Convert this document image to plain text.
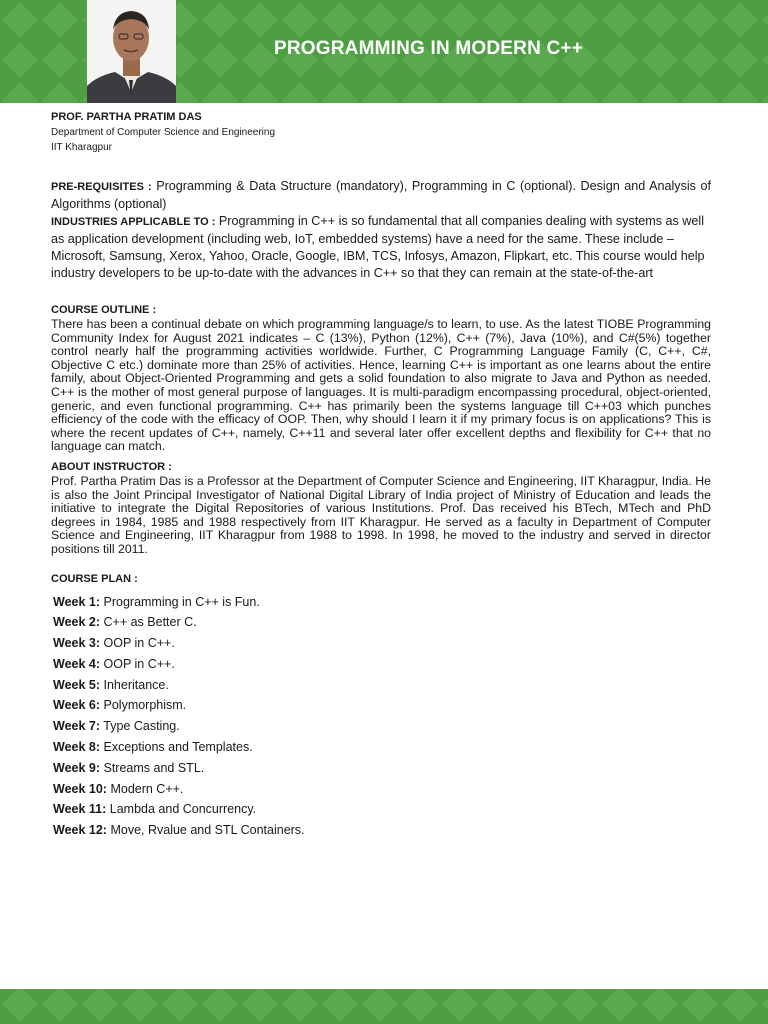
PROGRAMMING IN MODERN C++

PROF. PARTHA PRATIM DAS

Department of Computer Science and Engineering

IIT Kharagpur

PRE-REQUISITES : Programming & Data Structure (mandatory), Programming in C (optional). Design and Analysis of Algorithms (optional)

INDUSTRIES APPLICABLE TO : Programming in C++ is so fundamental that all companies dealing with systems as well as application development (including web, IoT, embedded systems) have a need for the same. These include –Microsoft, Samsung, Xerox, Yahoo, Oracle, Google, IBM, TCS, Infosys, Amazon, Flipkart, etc. This course would help industry developers to be up-to-date with the advances in C++ so that they can remain at the state-of-the-art

COURSE OUTLINE :

There has been a continual debate on which programming language/s to learn, to use. As the latest TIOBE Programming Community Index for August 2021 indicates – C (13%), Python (12%), C++ (7%), Java (10%), and C#(5%) together control nearly half the programming activities worldwide. Further, C Programming Language Family (C, C++, C#, Objective C etc.) dominate more than 25% of activities. Hence, learning C++ is important as one learns about the entire family, about Object-Oriented Programming and gets a solid foundation to also migrate to Java and Python as needed. C++ is the mother of most general purpose of languages. It is multi-paradigm encompassing procedural, object-oriented, generic, and even functional programming. C++ has primarily been the systems language till C++03 which punches efficiency of the code with the efficacy of OOP. Then, why should I learn it if my primary focus is on applications? This is where the recent updates of C++, namely, C++11 and several later offer excellent depths and flexibility for C++ that no language can match.

ABOUT INSTRUCTOR :

Prof. Partha Pratim Das is a Professor at the Department of Computer Science and Engineering, IIT Kharagpur, India. He is also the Joint Principal Investigator of National Digital Library of India project of Ministry of Education and leads the initiative to integrate the Digital Repositories of various Institutions. Prof. Das received his BTech, MTech and PhD degrees in 1984, 1985 and 1988 respectively from IIT Kharagpur. He served as a faculty in Department of Computer Science and Engineering, IIT Kharagpur from 1988 to 1998. In 1998, he moved to the industry and served in director positions till 2011.

COURSE PLAN :

Week 1: Programming in C++ is Fun.

Week 2: C++ as Better C.

Week 3: OOP in C++.

Week 4: OOP in C++.

Week 5: Inheritance.

Week 6: Polymorphism.

Week 7: Type Casting.

Week 8: Exceptions and Templates.

Week 9: Streams and STL.

Week 10: Modern C++.

Week 11: Lambda and Concurrency.

Week 12: Move, Rvalue and STL Containers.
